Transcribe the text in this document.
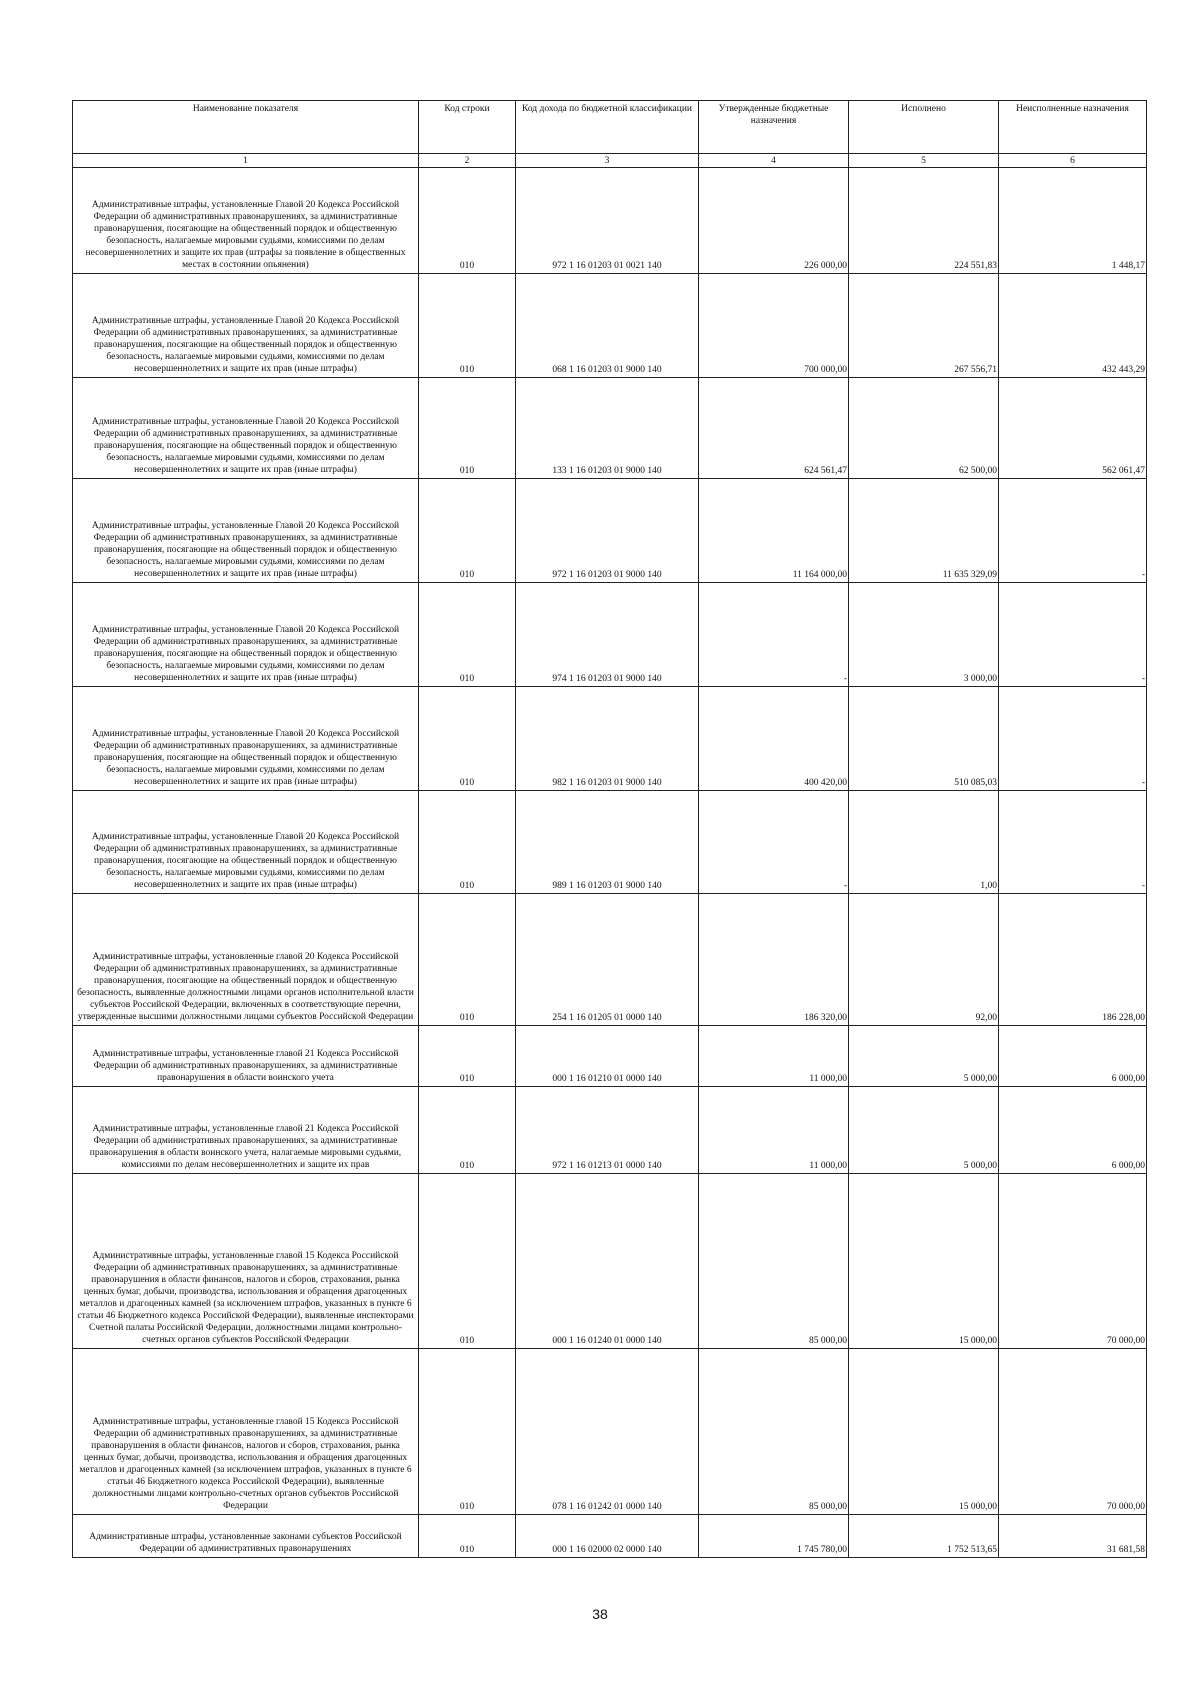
Наименование показателя	Код строки	Код дохода по бюджетной классификации	Утвержденные бюджетные назначения	Исполнено	Неисполненные назначения
1	2	3	4	5	6
Административные штрафы, установленные Главой 20 Кодекса Российской Федерации об административных правонарушениях, за административные правонарушения, посягающие на общественный порядок и общественную безопасность, налагаемые мировыми судьями, комиссиями по делам несовершеннолетних и защите их прав (штрафы за появление в общественных местах в состоянии опьянения)	010	972 1 16 01203 01 0021 140	226 000,00	224 551,83	1 448,17
Административные штрафы, установленные Главой 20 Кодекса Российской Федерации об административных правонарушениях, за административные правонарушения, посягающие на общественный порядок и общественную безопасность, налагаемые мировыми судьями, комиссиями по делам несовершеннолетних и защите их прав (иные штрафы)	010	068 1 16 01203 01 9000 140	700 000,00	267 556,71	432 443,29
Административные штрафы, установленные Главой 20 Кодекса Российской Федерации об административных правонарушениях, за административные правонарушения, посягающие на общественный порядок и общественную безопасность, налагаемые мировыми судьями, комиссиями по делам несовершеннолетних и защите их прав (иные штрафы)	010	133 1 16 01203 01 9000 140	624 561,47	62 500,00	562 061,47
Административные штрафы, установленные Главой 20 Кодекса Российской Федерации об административных правонарушениях, за административные правонарушения, посягающие на общественный порядок и общественную безопасность, налагаемые мировыми судьями, комиссиями по делам несовершеннолетних и защите их прав (иные штрафы)	010	972 1 16 01203 01 9000 140	11 164 000,00	11 635 329,09	-
Административные штрафы, установленные Главой 20 Кодекса Российской Федерации об административных правонарушениях, за административные правонарушения, посягающие на общественный порядок и общественную безопасность, налагаемые мировыми судьями, комиссиями по делам несовершеннолетних и защите их прав (иные штрафы)	010	974 1 16 01203 01 9000 140	-	3 000,00	-
Административные штрафы, установленные Главой 20 Кодекса Российской Федерации об административных правонарушениях, за административные правонарушения, посягающие на общественный порядок и общественную безопасность, налагаемые мировыми судьями, комиссиями по делам несовершеннолетних и защите их прав (иные штрафы)	010	982 1 16 01203 01 9000 140	400 420,00	510 085,03	-
Административные штрафы, установленные Главой 20 Кодекса Российской Федерации об административных правонарушениях, за административные правонарушения, посягающие на общественный порядок и общественную безопасность, налагаемые мировыми судьями, комиссиями по делам несовершеннолетних и защите их прав (иные штрафы)	010	989 1 16 01203 01 9000 140	-	1,00	-
Административные штрафы, установленные главой 20 Кодекса Российской Федерации об административных правонарушениях, за административные правонарушения, посягающие на общественный порядок и общественную безопасность, выявленные должностными лицами органов исполнительной власти субъектов Российской Федерации, включенных в соответствующие перечни, утвержденные высшими должностными лицами субъектов Российской Федерации	010	254 1 16 01205 01 0000 140	186 320,00	92,00	186 228,00
Административные штрафы, установленные главой 21 Кодекса Российской Федерации об административных правонарушениях, за административные правонарушения в области воинского учета	010	000 1 16 01210 01 0000 140	11 000,00	5 000,00	6 000,00
Административные штрафы, установленные главой 21 Кодекса Российской Федерации об административных правонарушениях, за административные правонарушения в области воинского учета, налагаемые мировыми судьями, комиссиями по делам несовершеннолетних и защите их прав	010	972 1 16 01213 01 0000 140	11 000,00	5 000,00	6 000,00
Административные штрафы, установленные главой 15 Кодекса Российской Федерации об административных правонарушениях, за административные правонарушения в области финансов, налогов и сборов, страхования, рынка ценных бумаг, добычи, производства, использования и обращения драгоценных металлов и драгоценных камней (за исключением штрафов, указанных в пункте 6 статьи 46 Бюджетного кодекса Российской Федерации), выявленные инспекторами Счетной палаты Российской Федерации, должностными лицами контрольно-счетных органов субъектов Российской Федерации	010	000 1 16 01240 01 0000 140	85 000,00	15 000,00	70 000,00
Административные штрафы, установленные главой 15 Кодекса Российской Федерации об административных правонарушениях, за административные правонарушения в области финансов, налогов и сборов, страхования, рынка ценных бумаг, добычи, производства, использования и обращения драгоценных металлов и драгоценных камней (за исключением штрафов, указанных в пункте 6 статьи 46 Бюджетного кодекса Российской Федерации), выявленные должностными лицами контрольно-счетных органов субъектов Российской Федерации	010	078 1 16 01242 01 0000 140	85 000,00	15 000,00	70 000,00
Административные штрафы, установленные законами субъектов Российской Федерации об административных правонарушениях	010	000 1 16 02000 02 0000 140	1 745 780,00	1 752 513,65	31 681,58
38
